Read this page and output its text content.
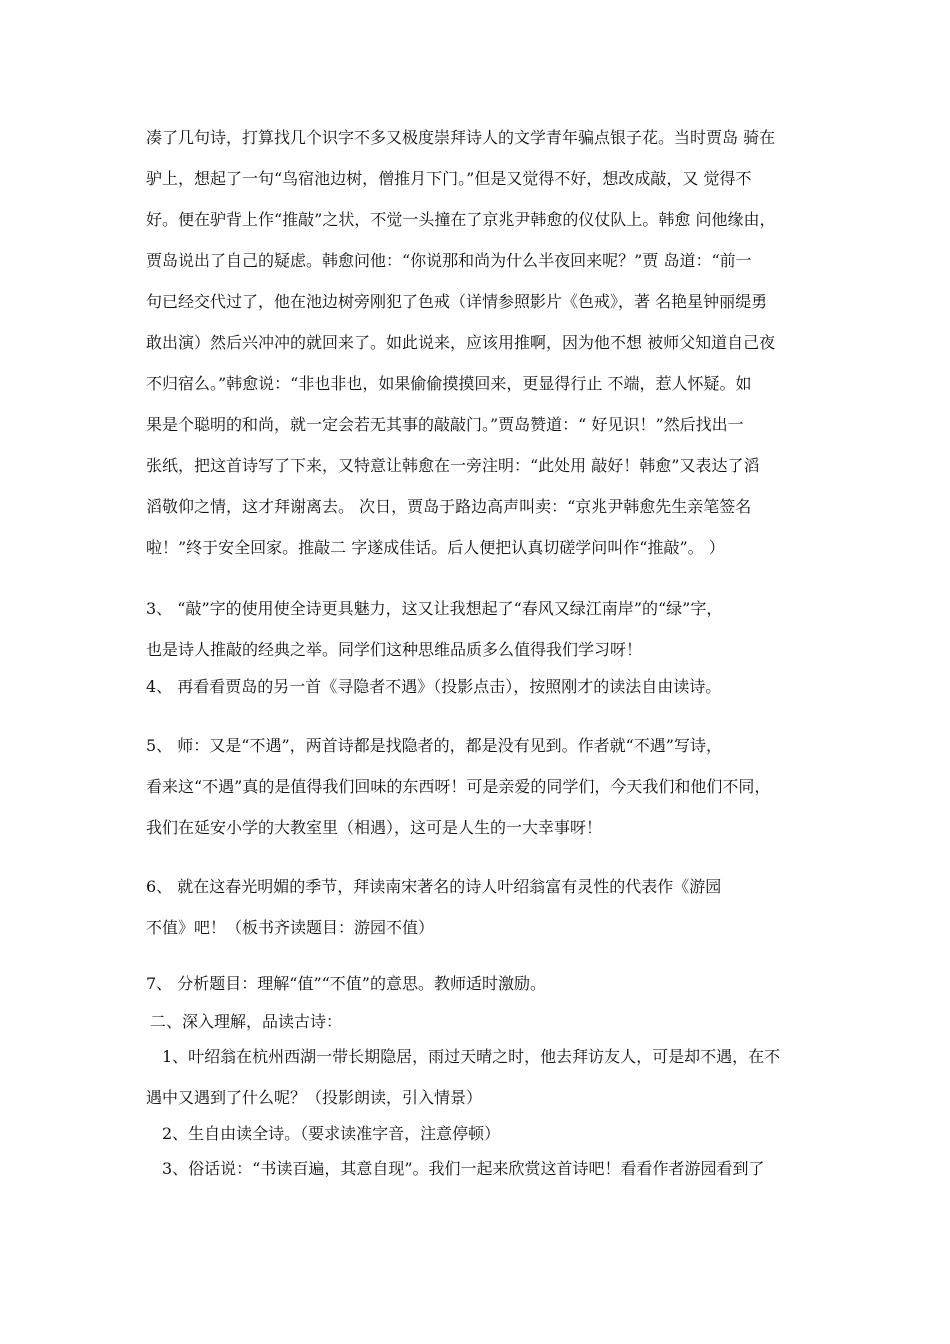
凑了几句诗，打算找几个识字不多又极度崇拜诗人的文学青年骗点银子花。当时贾岛 骑在
驴上，想起了一句“鸟宿池边树，僧推月下门。”但是又觉得不好，想改成敲，又 觉得不
好。便在驴背上作“推敲”之状，不觉一头撞在了京兆尹韩愈的仪仗队上。韩愈 问他缘由，
贾岛说出了自己的疑虑。韩愈问他：“你说那和尚为什么半夜回来呢？”贾 岛道：“前一
句已经交代过了，他在池边树旁刚犯了色戒（详情参照影片《色戒》，著 名艳星钟丽缇勇
敢出演）然后兴冲冲的就回来了。如此说来，应该用推啊，因为他不想 被师父知道自己夜
不归宿么。”韩愈说：“非也非也，如果偷偷摸摸回来，更显得行止 不端，惹人怀疑。如
果是个聪明的和尚，就一定会若无其事的敲敲门。”贾岛赞道：“ 好见识！”然后找出一
张纸，把这首诗写了下来，又特意让韩愈在一旁注明：“此处用 敲好！韩愈”又表达了滔
滔敬仰之情，这才拜谢离去。 次日，贾岛于路边高声叫卖：“京兆尹韩愈先生亲笔签名
啦！”终于安全回家。推敲二 字遂成佳话。后人便把认真切磋学问叫作“推敲”。 ）
3、 “敲”字的使用使全诗更具魅力，这又让我想起了“春风又绿江南岸”的“绿”字，
也是诗人推敲的经典之举。同学们这种思维品质多么值得我们学习呀！
4、 再看看贾岛的另一首《寻隐者不遇》（投影点击），按照刚才的读法自由读诗。
5、 师：又是“不遇”，两首诗都是找隐者的，都是没有见到。作者就“不遇”写诗，
看来这“不遇”真的是值得我们回味的东西呀！可是亲爱的同学们，今天我们和他们不同，
我们在延安小学的大教室里（相遇），这可是人生的一大幸事呀！
6、 就在这春光明媚的季节，拜读南宋著名的诗人叶绍翁富有灵性的代表作《游园
不值》吧！（板书齐读题目：游园不值）
7、 分析题目：理解“值”“不值”的意思。教师适时激励。
二、深入理解，品读古诗：
1、叶绍翁在杭州西湖一带长期隐居，雨过天晴之时，他去拜访友人，可是却不遇，在不
遇中又遇到了什么呢？（投影朗读，引入情景）
2、生自由读全诗。（要求读准字音，注意停顿）
3、俗话说：“书读百遍，其意自现”。我们一起来欣赏这首诗吧！看看作者游园看到了
